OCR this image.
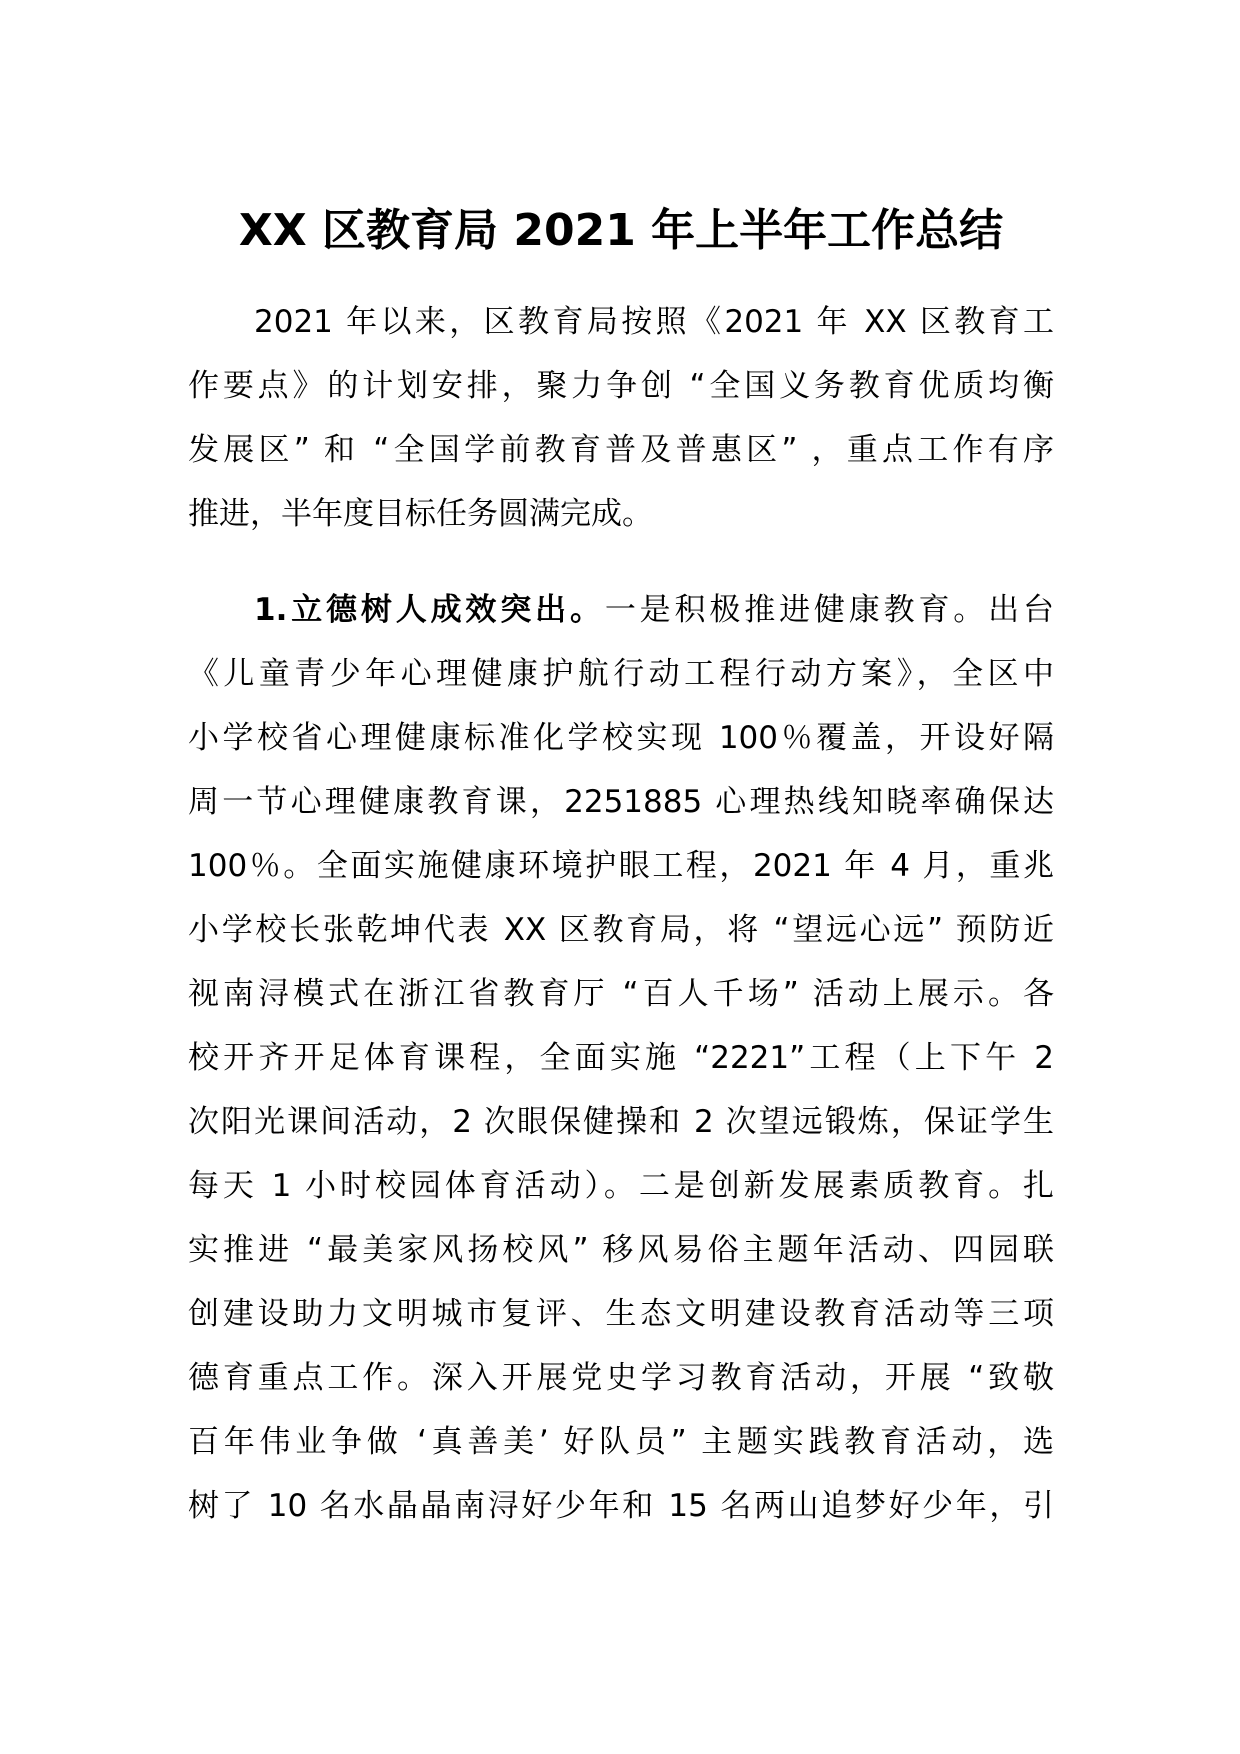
XX 区教育局 2021 年上半年工作总结

2021 年以来，区教育局按照《2021 年 XX 区教育工
作要点》的计划安排，聚力争创 “全国义务教育优质均衡
发展区” 和 “全国学前教育普及普惠区” ，重点工作有序
推进，半年度目标任务圆满完成。

1.立德树人成效突出。一是积极推进健康教育。出台
《儿童青少年心理健康护航行动工程行动方案》，全区中
小学校省心理健康标准化学校实现 100％覆盖，开设好隔
周一节心理健康教育课，2251885 心理热线知晓率确保达
100％。全面实施健康环境护眼工程，2021 年 4 月，重兆
小学校长张乾坤代表 XX 区教育局，将 “望远心远” 预防近
视南浔模式在浙江省教育厅 “百人千场” 活动上展示。各
校开齐开足体育课程，全面实施 “2221”工程（上下午 2
次阳光课间活动，2 次眼保健操和 2 次望远锻炼，保证学生
每天 1 小时校园体育活动）。二是创新发展素质教育。扎
实推进 “最美家风扬校风” 移风易俗主题年活动、四园联
创建设助力文明城市复评、生态文明建设教育活动等三项
德育重点工作。深入开展党史学习教育活动，开展 “致敬
百年伟业争做 ‘真善美’ 好队员” 主题实践教育活动，选
树了 10 名水晶晶南浔好少年和 15 名两山追梦好少年，引
